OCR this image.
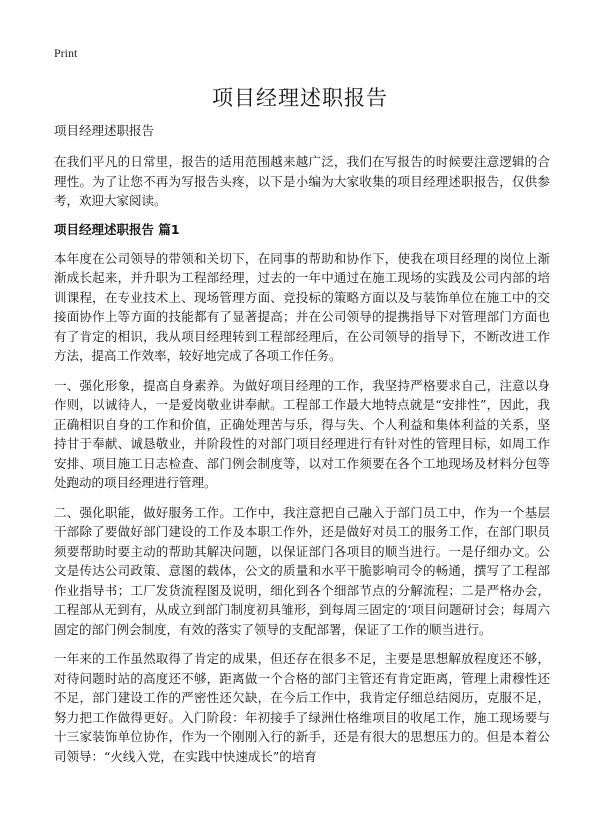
Print
项目经理述职报告

项目经理述职报告

在我们平凡的日常里，报告的适用范围越来越广泛，我们在写报告的时候要注意逻辑的合理性。为了让您不再为写报告头疼，以下是小编为大家收集的项目经理述职报告，仅供参考，欢迎大家阅读。

项目经理述职报告 篇1

本年度在公司领导的带领和关切下，在同事的帮助和协作下，使我在项目经理的岗位上渐渐成长起来，并升职为工程部经理，过去的一年中通过在施工现场的实践及公司内部的培训课程，在专业技术上、现场管理方面、竞投标的策略方面以及与装饰单位在施工中的交接面协作上等方面的技能都有了显著提高；并在公司领导的提携指导下对管理部门方面也有了肯定的相识，我从项目经理转到工程部经理后，在公司领导的指导下，不断改进工作方法，提高工作效率，较好地完成了各项工作任务。

一、强化形象，提高自身素养。为做好项目经理的工作，我坚持严格要求自己，注意以身作则，以诚待人，一是爱岗敬业讲奉献。工程部工作最大地特点就是“安排性”，因此，我正确相识自身的工作和价值，正确处理苦与乐，得与失、个人利益和集体利益的关系，坚持甘于奉献、诚恳敬业，并阶段性的对部门项目经理进行有针对性的管理目标，如周工作安排、项目施工日志检查、部门例会制度等，以对工作须要在各个工地现场及材料分包等处跑动的项目经理进行管理。

二、强化职能，做好服务工作。工作中，我注意把自己融入于部门员工中，作为一个基层干部除了要做好部门建设的工作及本职工作外，还是做好对员工的服务工作，在部门职员须要帮助时要主动的帮助其解决问题，以保证部门各项目的顺当进行。一是仔细办文。公文是传达公司政策、意图的载体，公文的质量和水平干脆影响司令的畅通，撰写了工程部作业指导书；工厂发货流程图及说明，细化到各个细部节点的分解流程；二是严格办会，工程部从无到有，从成立到部门制度初具雏形，到每周三固定的‘项目问题研讨会；每周六固定的部门例会制度，有效的落实了领导的支配部署，保证了工作的顺当进行。

一年来的工作虽然取得了肯定的成果，但还存在很多不足，主要是思想解放程度还不够，对待问题时站的高度还不够，距离做一个合格的部门主管还有肯定距离，管理上肃穆性还不足，部门建设工作的严密性还欠缺，在今后工作中，我肯定仔细总结阅历，克服不足，努力把工作做得更好。入门阶段：年初接手了绿洲仕格维项目的收尾工作，施工现场要与十三家装饰单位协作，作为一个刚刚入行的新手，还是有很大的思想压力的。但是本着公司领导：“火线入党，在实践中快速成长”的培育
